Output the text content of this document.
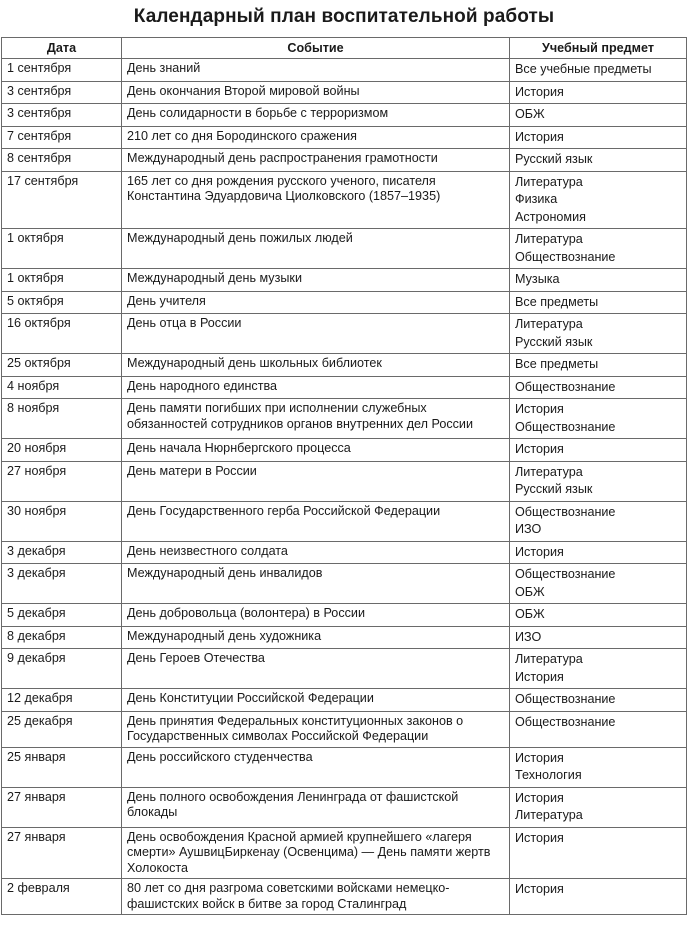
Календарный план воспитательной работы
Дата	Событие	Учебный предмет
1 сентября	День знаний	Все учебные предметы

3 сентября	День окончания Второй мировой войны	История

3 сентября	День солидарности в борьбе с терроризмом	ОБЖ

7 сентября	210 лет со дня Бородинского сражения	История

8 сентября	Международный день распространения грамотности	Русский язык

17 сентября	165 лет со дня рождения русского ученого, писателя Константина Эдуардовича Циолковского (1857–1935)	Литература
Физика
Астрономия

1 октября	Международный день пожилых людей	Литература
Обществознание

1 октября	Международный день музыки	Музыка

5 октября	День учителя	Все предметы

16 октября	День отца в России	Литература
Русский язык

25 октября	Международный день школьных библиотек	Все предметы

4 ноября	День народного единства	Обществознание

8 ноября	День памяти погибших при исполнении служебных обязанностей сотрудников органов внутренних дел России	История
Обществознание

20 ноября	День начала Нюрнбергского процесса	История

27 ноября	День матери в России	Литература
Русский язык

30 ноября	День Государственного герба Российской Федерации	Обществознание
ИЗО

3 декабря	День неизвестного солдата	История

3 декабря	Международный день инвалидов	Обществознание
ОБЖ

5 декабря	День добровольца (волонтера) в России	ОБЖ

8 декабря	Международный день художника	ИЗО

9 декабря	День Героев Отечества	Литература
История

12 декабря	День Конституции Российской Федерации	Обществознание

25 декабря	День принятия Федеральных конституционных законов о Государственных символах Российской Федерации	Обществознание

25 января	День российского студенчества	История
Технология

27 января	День полного освобождения Ленинграда от фашистской блокады	История
Литература

27 января	День освобождения Красной армией крупнейшего «лагеря смерти» АушвицБиркенау (Освенцима) — День памяти жертв Холокоста	История

2 февраля	80 лет со дня разгрома советскими войсками немецко-фашистских войск в битве за город Сталинград	История
